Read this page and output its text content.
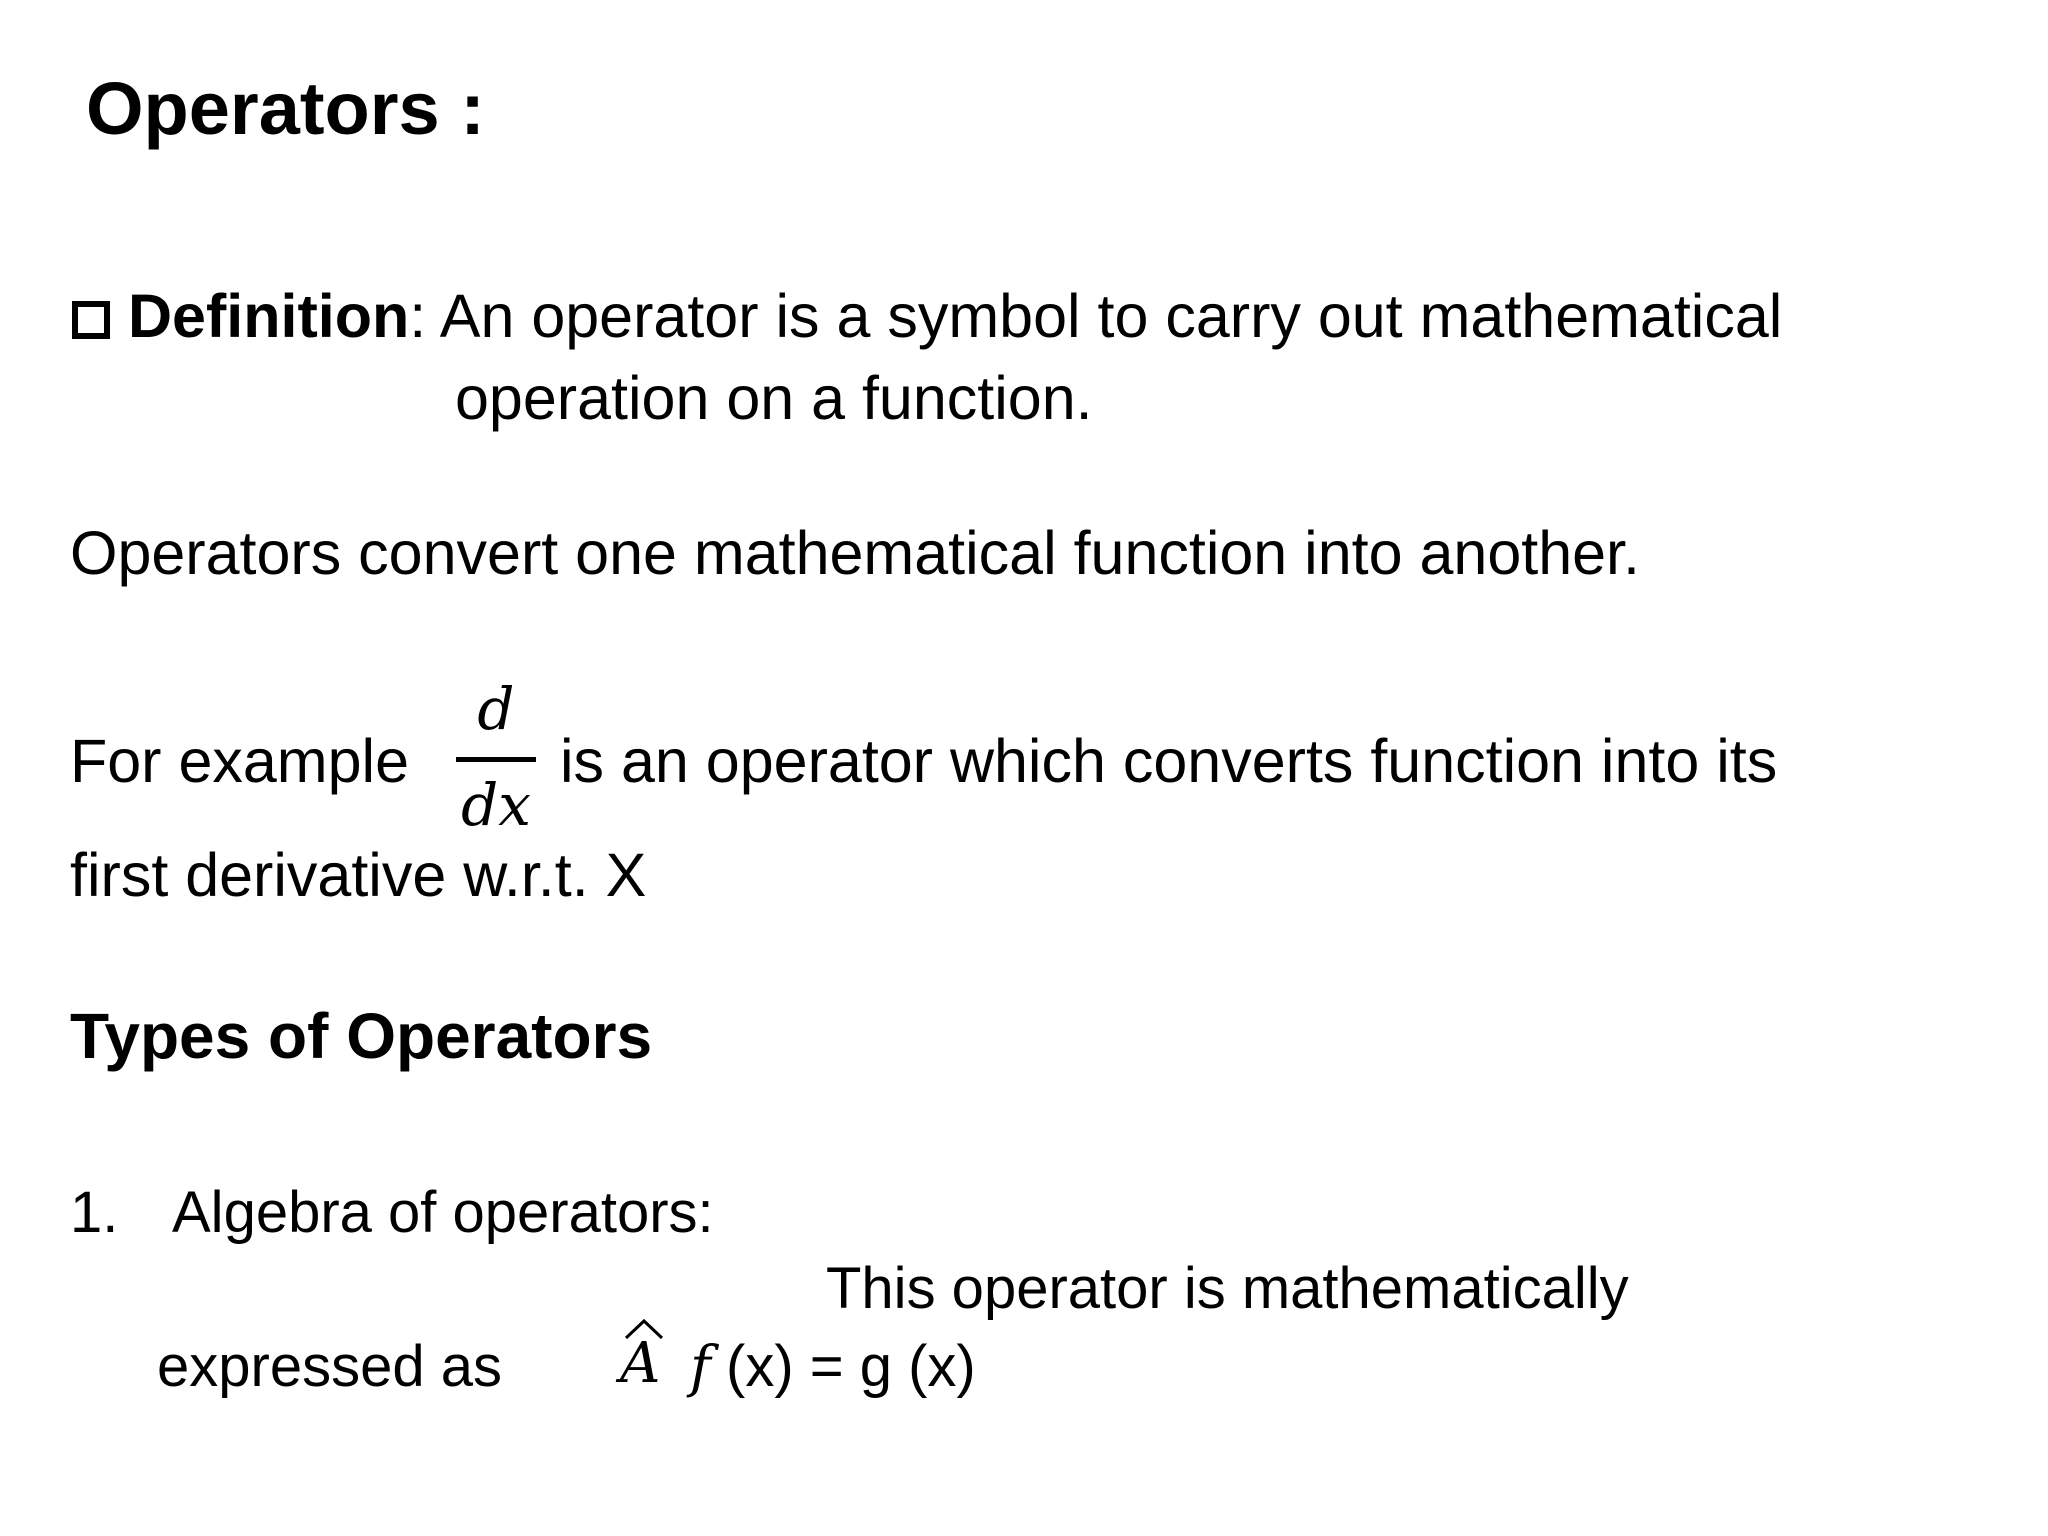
Operators :
Definition: An operator is a symbol to carry out mathematical
operation on a function.
Operators convert one mathematical function into another.
For example
d
dx
is an operator which converts function into its
first derivative w.r.t. X
Types of Operators
1. Algebra of operators:
This operator is mathematically
expressed as A f (x) = g (x)
